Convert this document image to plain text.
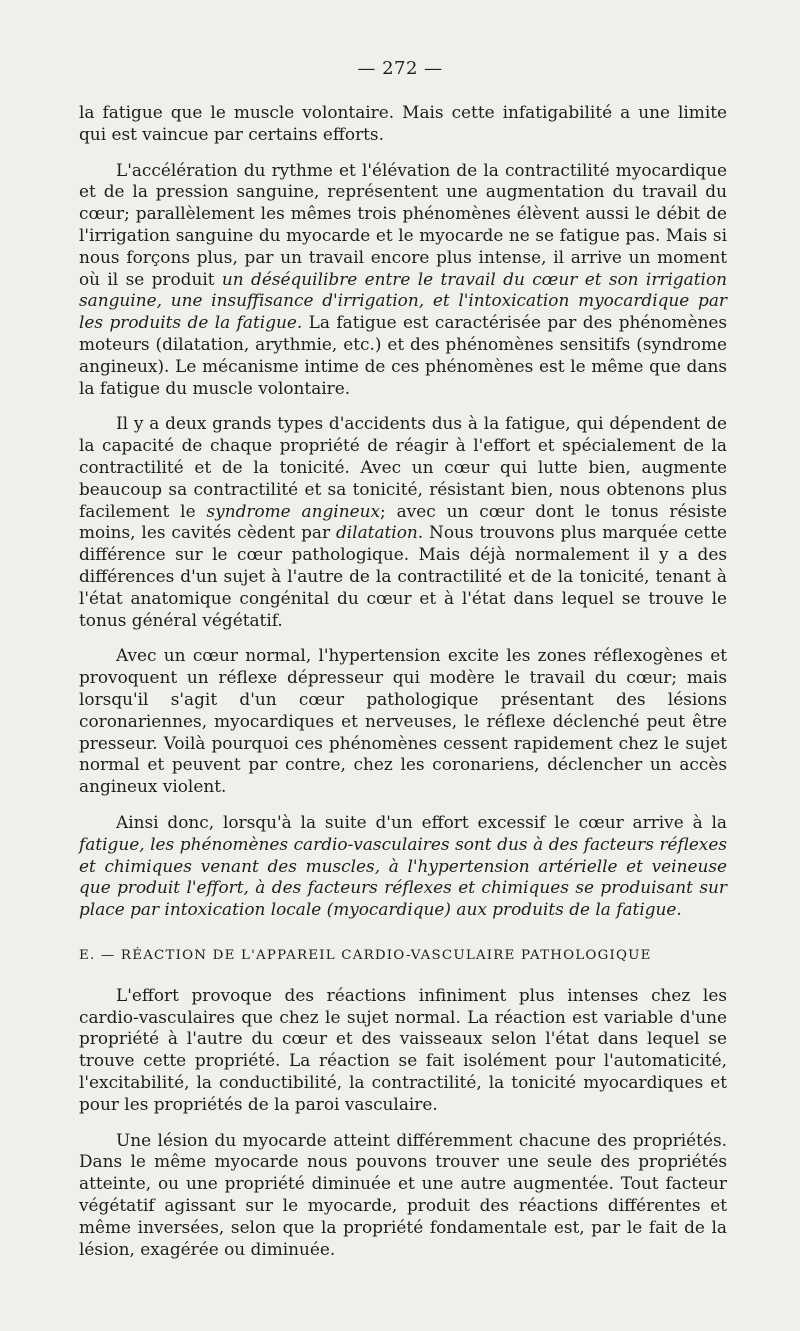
— 272 —

la fatigue que le muscle volontaire. Mais cette infatigabilité a une limite qui est vaincue par certains efforts.

L'accélération du rythme et l'élévation de la contractilité myocardique et de la pression sanguine, représentent une augmentation du travail du cœur; parallèlement les mêmes trois phénomènes élèvent aussi le débit de l'irrigation sanguine du myocarde et le myocarde ne se fatigue pas. Mais si nous forçons plus, par un travail encore plus intense, il arrive un moment où il se produit un déséquilibre entre le travail du cœur et son irrigation sanguine, une insuffisance d'irrigation, et l'intoxication myocardique par les produits de la fatigue. La fatigue est caractérisée par des phénomènes moteurs (dilatation, arythmie, etc.) et des phénomènes sensitifs (syndrome angineux). Le mécanisme intime de ces phénomènes est le même que dans la fatigue du muscle volontaire.

Il y a deux grands types d'accidents dus à la fatigue, qui dépendent de la capacité de chaque propriété de réagir à l'effort et spécialement de la contractilité et de la tonicité. Avec un cœur qui lutte bien, augmente beaucoup sa contractilité et sa tonicité, résistant bien, nous obtenons plus facilement le syndrome angineux; avec un cœur dont le tonus résiste moins, les cavités cèdent par dilatation. Nous trouvons plus marquée cette différence sur le cœur pathologique. Mais déjà normalement il y a des différences d'un sujet à l'autre de la contractilité et de la tonicité, tenant à l'état anatomique congénital du cœur et à l'état dans lequel se trouve le tonus général végétatif.

Avec un cœur normal, l'hypertension excite les zones réflexogènes et provoquent un réflexe dépresseur qui modère le travail du cœur; mais lorsqu'il s'agit d'un cœur pathologique présentant des lésions coronariennes, myocardiques et nerveuses, le réflexe déclenché peut être presseur. Voilà pourquoi ces phénomènes cessent rapidement chez le sujet normal et peuvent par contre, chez les coronariens, déclencher un accès angineux violent.

Ainsi donc, lorsqu'à la suite d'un effort excessif le cœur arrive à la fatigue, les phénomènes cardio-vasculaires sont dus à des facteurs réflexes et chimiques venant des muscles, à l'hypertension artérielle et veineuse que produit l'effort, à des facteurs réflexes et chimiques se produisant sur place par intoxication locale (myocardique) aux produits de la fatigue.

E. — RÉACTION DE L'APPAREIL CARDIO-VASCULAIRE PATHOLOGIQUE

L'effort provoque des réactions infiniment plus intenses chez les cardio-vasculaires que chez le sujet normal. La réaction est variable d'une propriété à l'autre du cœur et des vaisseaux selon l'état dans lequel se trouve cette propriété. La réaction se fait isolément pour l'automaticité, l'excitabilité, la conductibilité, la contractilité, la tonicité myocardiques et pour les propriétés de la paroi vasculaire.

Une lésion du myocarde atteint différemment chacune des propriétés. Dans le même myocarde nous pouvons trouver une seule des propriétés atteinte, ou une propriété diminuée et une autre augmentée. Tout facteur végétatif agissant sur le myocarde, produit des réactions différentes et même inversées, selon que la propriété fondamentale est, par le fait de la lésion, exagérée ou diminuée.
